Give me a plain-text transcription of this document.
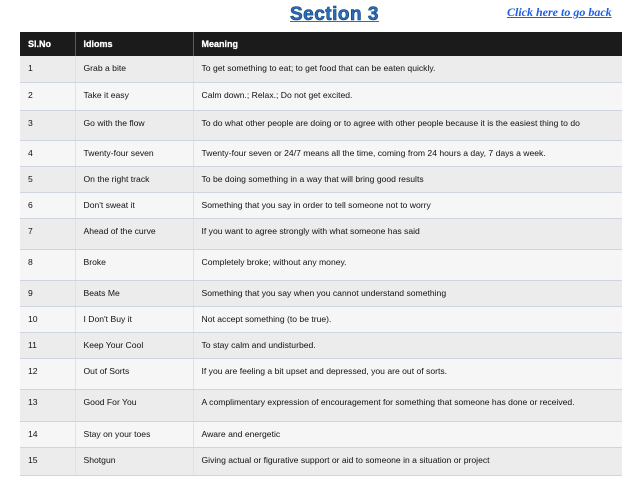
Section 3	Click here to go back
Sl.No	Idioms	Meaning
1	Grab a bite	To get something to eat; to get food that can be eaten quickly.
2	Take it easy	Calm down.; Relax.; Do not get excited.
3	Go with the flow	To do what other people are doing or to agree with other people because it is the easiest thing to do
4	Twenty-four seven	Twenty-four seven or 24/7 means all the time, coming from 24 hours a day, 7 days a week.
5	On the right track	To be doing something in a way that will bring good results
6	Don't sweat it	Something that you say in order to tell someone not to worry
7	Ahead of the curve	If you want to agree strongly with what someone has said
8	Broke	Completely broke; without any money.
9	Beats Me	Something that you say when you cannot understand something
10	I Don't Buy it	Not accept something (to be true).
11	Keep Your Cool	To stay calm and undisturbed.
12	Out of Sorts	If you are feeling a bit upset and depressed, you are out of sorts.
13	Good For You	A complimentary expression of encouragement for something that someone has done or received.
14	Stay on your toes	Aware and energetic
15	Shotgun	Giving actual or figurative support or aid to someone in a situation or project
